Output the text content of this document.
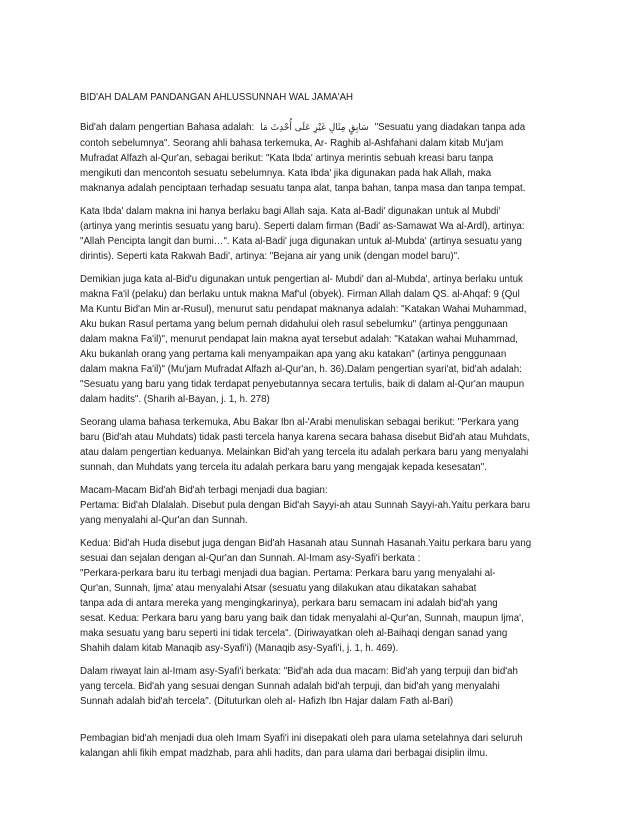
BID'AH DALAM PANDANGAN AHLUSSUNNAH WAL JAMA'AH

Bid'ah dalam pengertian Bahasa adalah: سَابِقٍ مِثَالِ غَيْرِ عَلَى أُحْدِثَ مَا "Sesuatu yang diadakan tanpa ada
contoh sebelumnya". Seorang ahli bahasa terkemuka, Ar- Raghib al-Ashfahani dalam kitab Mu'jam
Mufradat Alfazh al-Qur'an, sebagai berikut: "Kata Ibda' artinya merintis sebuah kreasi baru tanpa
mengikuti dan mencontoh sesuatu sebelumnya. Kata Ibda' jika digunakan pada hak Allah, maka
maknanya adalah penciptaan terhadap sesuatu tanpa alat, tanpa bahan, tanpa masa dan tanpa tempat.

Kata Ibda' dalam makna ini hanya berlaku bagi Allah saja. Kata al-Badi' digunakan untuk al Mubdi'
(artinya yang merintis sesuatu yang baru). Seperti dalam firman (Badi' as-Samawat Wa al-Ardl), artinya:
"Allah Pencipta langit dan bumi…". Kata al-Badi' juga digunakan untuk al-Mubda' (artinya sesuatu yang
dirintis). Seperti kata Rakwah Badi', artinya: "Bejana air yang unik (dengan model baru)".

Demikian juga kata al-Bid'u digunakan untuk pengertian al- Mubdi' dan al-Mubda', artinya berlaku untuk
makna Fa'il (pelaku) dan berlaku untuk makna Maf'ul (obyek). Firman Allah dalam QS. al-Ahqaf: 9 (Qul
Ma Kuntu Bid'an Min ar-Rusul), menurut satu pendapat maknanya adalah: "Katakan Wahai Muhammad,
Aku bukan Rasul pertama yang belum pernah didahului oleh rasul sebelumku" (artinya penggunaan
dalam makna Fa'il)", menurut pendapat lain makna ayat tersebut adalah: "Katakan wahai Muhammad,
Aku bukanlah orang yang pertama kali menyampaikan apa yang aku katakan" (artinya penggunaan
dalam makna Fa'il)" (Mu'jam Mufradat Alfazh al-Qur'an, h. 36).Dalam pengertian syari'at, bid'ah adalah:
"Sesuatu yang baru yang tidak terdapat penyebutannya secara tertulis, baik di dalam al-Qur'an maupun
dalam hadits". (Sharih al-Bayan, j. 1, h. 278)

Seorang ulama bahasa terkemuka, Abu Bakar Ibn al-'Arabi menuliskan sebagai berikut: "Perkara yang
baru (Bid'ah atau Muhdats) tidak pasti tercela hanya karena secara bahasa disebut Bid'ah atau Muhdats,
atau dalam pengertian keduanya. Melainkan Bid'ah yang tercela itu adalah perkara baru yang menyalahi
sunnah, dan Muhdats yang tercela itu adalah perkara baru yang mengajak kepada kesesatan".

Macam-Macam Bid'ah Bid'ah terbagi menjadi dua bagian:
Pertama: Bid'ah Dlalalah. Disebut pula dengan Bid'ah Sayyi-ah atau Sunnah Sayyi-ah.Yaitu perkara baru
yang menyalahi al-Qur'an dan Sunnah.

Kedua: Bid'ah Huda disebut juga dengan Bid'ah Hasanah atau Sunnah Hasanah.Yaitu perkara baru yang
sesuai dan sejalan dengan al-Qur'an dan Sunnah. Al-Imam asy-Syafi'i berkata :
"Perkara-perkara baru itu terbagi menjadi dua bagian. Pertama: Perkara baru yang menyalahi al-
Qur'an, Sunnah, Ijma' atau menyalahi Atsar (sesuatu yang dilakukan atau dikatakan sahabat
tanpa ada di antara mereka yang mengingkarinya), perkara baru semacam ini adalah bid'ah yang
sesat. Kedua: Perkara baru yang baru yang baik dan tidak menyalahi al-Qur'an, Sunnah, maupun Ijma',
maka sesuatu yang baru seperti ini tidak tercela". (Diriwayatkan oleh al-Baihaqi dengan sanad yang
Shahih dalam kitab Manaqib asy-Syafi'i) (Manaqib asy-Syafi'i, j. 1, h. 469).

Dalam riwayat lain al-Imam asy-Syafi'i berkata: "Bid'ah ada dua macam: Bid'ah yang terpuji dan bid'ah
yang tercela. Bid'ah yang sesuai dengan Sunnah adalah bid'ah terpuji, dan bid'ah yang menyalahi
Sunnah adalah bid'ah tercela". (Dituturkan oleh al- Hafizh Ibn Hajar dalam Fath al-Bari)

Pembagian bid'ah menjadi dua oleh Imam Syafi'i ini disepakati oleh para ulama setelahnya dari seluruh
kalangan ahli fikih empat madzhab, para ahli hadits, dan para ulama dari berbagai disiplin ilmu.
